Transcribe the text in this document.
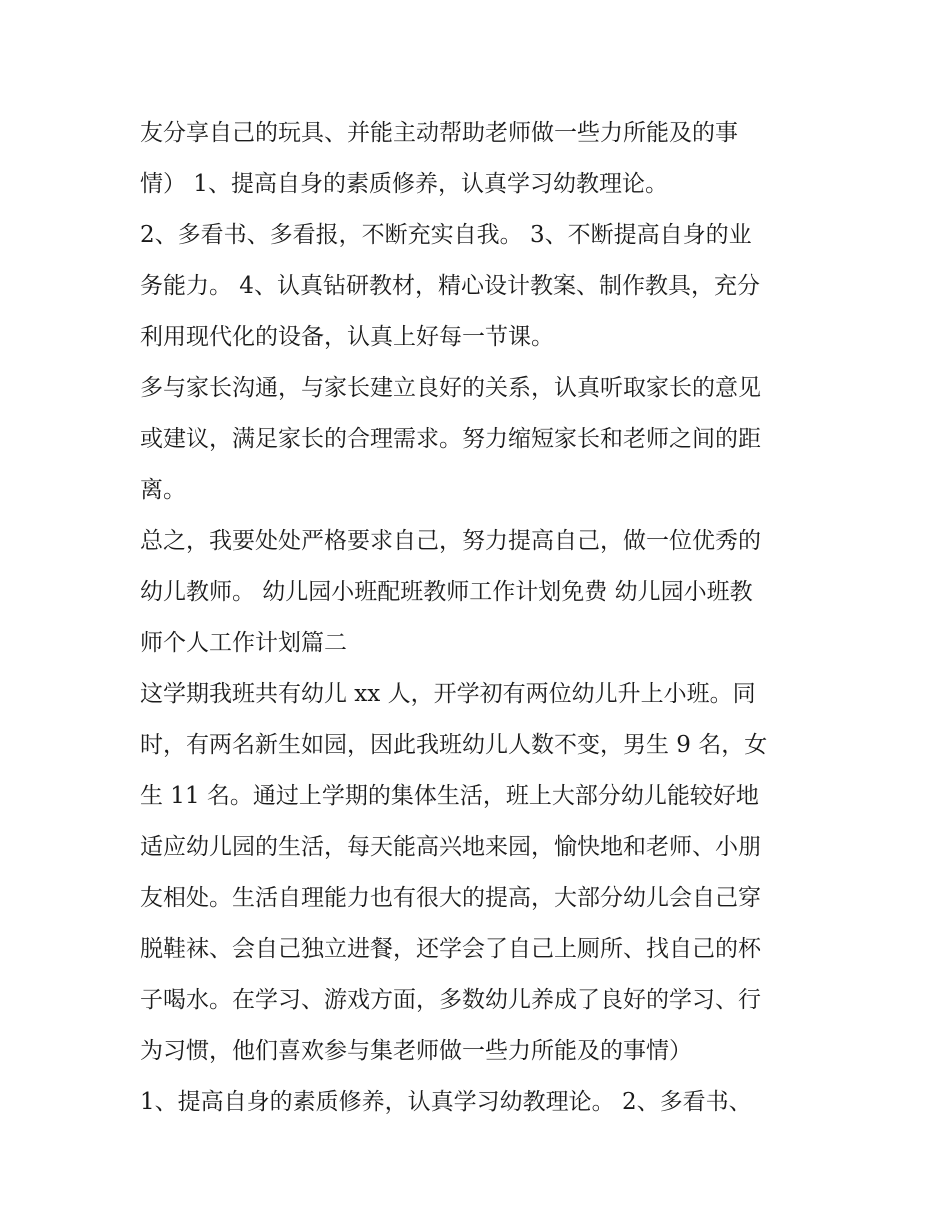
友分享自己的玩具、并能主动帮助老师做一些力所能及的事
情） 1、提高自身的素质修养，认真学习幼教理论。
2、多看书、多看报，不断充实自我。 3、不断提高自身的业
务能力。 4、认真钻研教材，精心设计教案、制作教具，充分
利用现代化的设备，认真上好每一节课。
多与家长沟通，与家长建立良好的关系，认真听取家长的意见
或建议，满足家长的合理需求。努力缩短家长和老师之间的距
离。
总之，我要处处严格要求自己，努力提高自己，做一位优秀的
幼儿教师。 幼儿园小班配班教师工作计划免费 幼儿园小班教
师个人工作计划篇二
这学期我班共有幼儿 xx 人，开学初有两位幼儿升上小班。同
时，有两名新生如园，因此我班幼儿人数不变，男生 9 名，女
生 11 名。通过上学期的集体生活，班上大部分幼儿能较好地
适应幼儿园的生活，每天能高兴地来园，愉快地和老师、小朋
友相处。生活自理能力也有很大的提高，大部分幼儿会自己穿
脱鞋袜、会自己独立进餐，还学会了自己上厕所、找自己的杯
子喝水。在学习、游戏方面，多数幼儿养成了良好的学习、行
为习惯，他们喜欢参与集老师做一些力所能及的事情）
1、提高自身的素质修养，认真学习幼教理论。 2、多看书、
